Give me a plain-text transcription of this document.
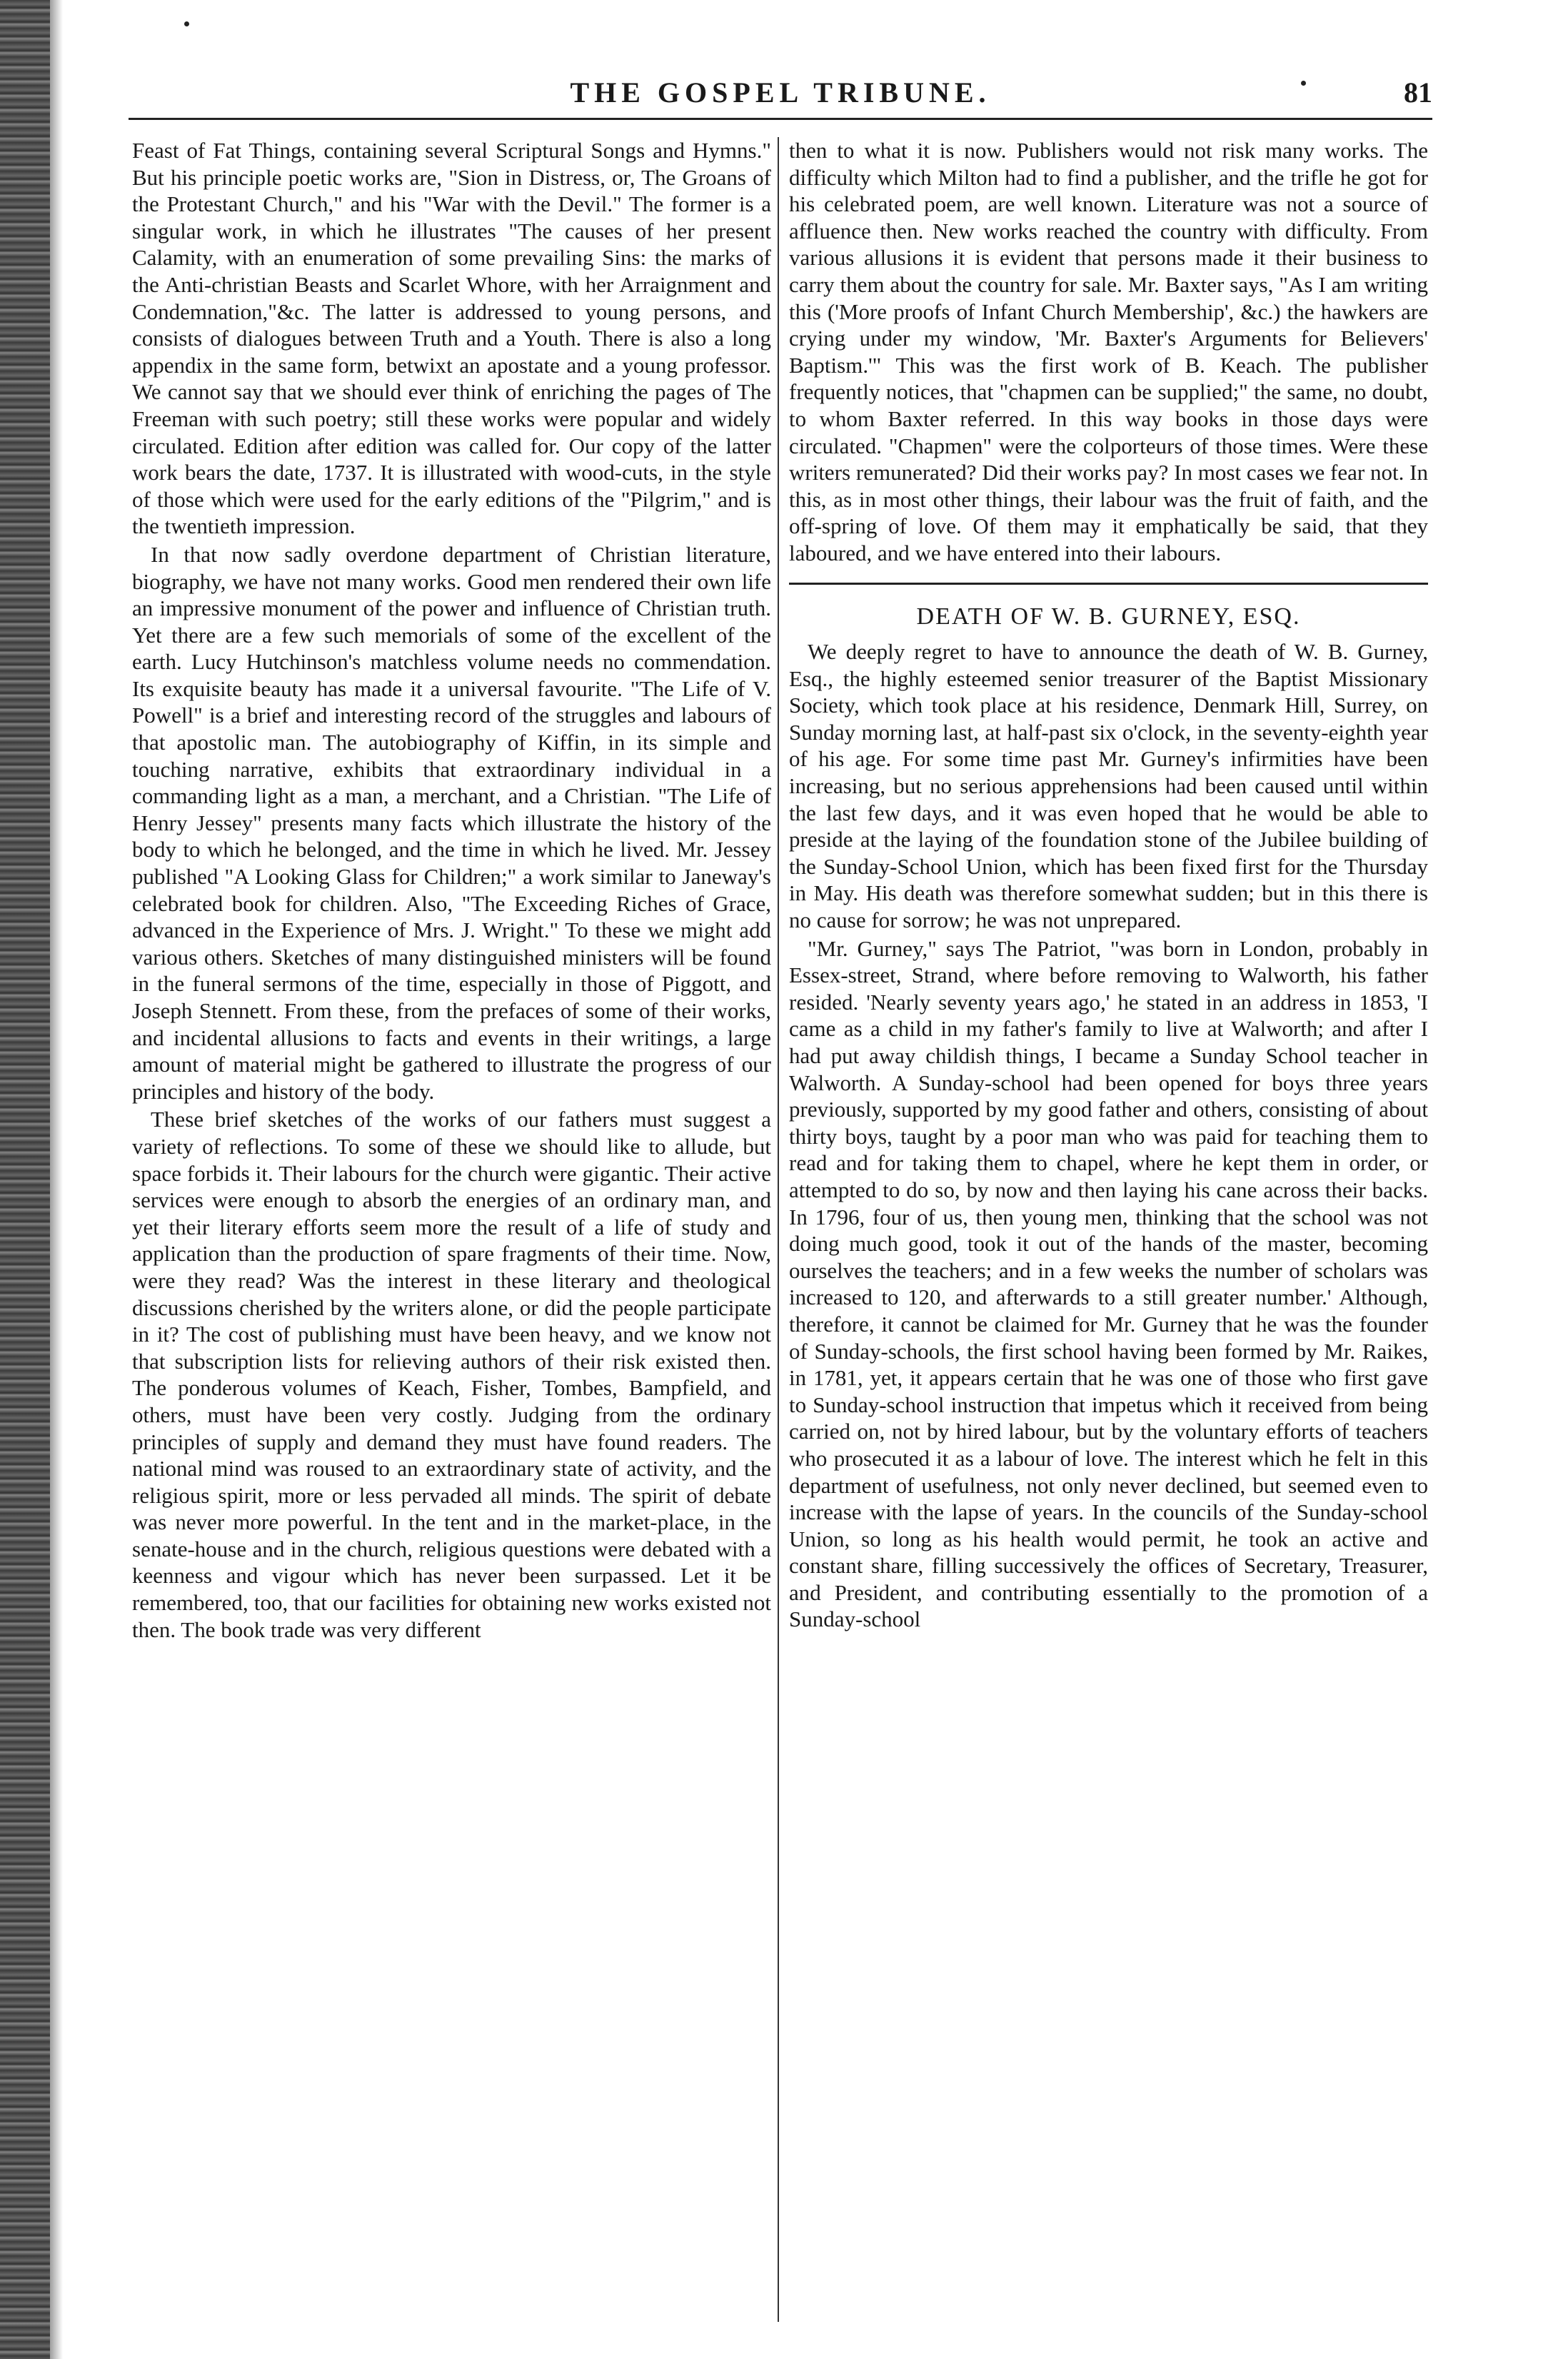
THE GOSPEL TRIBUNE.	81

Feast of Fat Things, containing several Scriptural Songs and Hymns." But his principle poetic works are, "Sion in Distress, or, The Groans of the Protestant Church," and his "War with the Devil." The former is a singular work, in which he illustrates "The causes of her present Calamity, with an enumeration of some prevailing Sins: the marks of the Anti-christian Beasts and Scarlet Whore, with her Arraignment and Condemnation,"&c. The latter is addressed to young persons, and consists of dialogues between Truth and a Youth. There is also a long appendix in the same form, betwixt an apostate and a young professor. We cannot say that we should ever think of enriching the pages of The Freeman with such poetry; still these works were popular and widely circulated. Edition after edition was called for. Our copy of the latter work bears the date, 1737. It is illustrated with wood-cuts, in the style of those which were used for the early editions of the "Pilgrim," and is the twentieth impression.

In that now sadly overdone department of Christian literature, biography, we have not many works. Good men rendered their own life an impressive monument of the power and influence of Christian truth. Yet there are a few such memorials of some of the excellent of the earth. Lucy Hutchinson's matchless volume needs no commendation. Its exquisite beauty has made it a universal favourite. "The Life of V. Powell" is a brief and interesting record of the struggles and labours of that apostolic man. The autobiography of Kiffin, in its simple and touching narrative, exhibits that extraordinary individual in a commanding light as a man, a merchant, and a Christian. "The Life of Henry Jessey" presents many facts which illustrate the history of the body to which he belonged, and the time in which he lived. Mr. Jessey published "A Looking Glass for Children;" a work similar to Janeway's celebrated book for children. Also, "The Exceeding Riches of Grace, advanced in the Experience of Mrs. J. Wright." To these we might add various others. Sketches of many distinguished ministers will be found in the funeral sermons of the time, especially in those of Piggott, and Joseph Stennett. From these, from the prefaces of some of their works, and incidental allusions to facts and events in their writings, a large amount of material might be gathered to illustrate the progress of our principles and history of the body.

These brief sketches of the works of our fathers must suggest a variety of reflections. To some of these we should like to allude, but space forbids it. Their labours for the church were gigantic. Their active services were enough to absorb the energies of an ordinary man, and yet their literary efforts seem more the result of a life of study and application than the production of spare fragments of their time. Now, were they read? Was the interest in these literary and theological discussions cherished by the writers alone, or did the people participate in it? The cost of publishing must have been heavy, and we know not that subscription lists for relieving authors of their risk existed then. The ponderous volumes of Keach, Fisher, Tombes, Bampfield, and others, must have been very costly. Judging from the ordinary principles of supply and demand they must have found readers. The national mind was roused to an extraordinary state of activity, and the religious spirit, more or less pervaded all minds. The spirit of debate was never more powerful. In the tent and in the market-place, in the senate-house and in the church, religious questions were debated with a keenness and vigour which has never been surpassed. Let it be remembered, too, that our facilities for obtaining new works existed not then. The book trade was very different

then to what it is now. Publishers would not risk many works. The difficulty which Milton had to find a publisher, and the trifle he got for his celebrated poem, are well known. Literature was not a source of affluence then. New works reached the country with difficulty. From various allusions it is evident that persons made it their business to carry them about the country for sale. Mr. Baxter says, "As I am writing this ('More proofs of Infant Church Membership', &c.) the hawkers are crying under my window, 'Mr. Baxter's Arguments for Believers' Baptism.'" This was the first work of B. Keach. The publisher frequently notices, that "chapmen can be supplied;" the same, no doubt, to whom Baxter referred. In this way books in those days were circulated. "Chapmen" were the colporteurs of those times. Were these writers remunerated? Did their works pay? In most cases we fear not. In this, as in most other things, their labour was the fruit of faith, and the off-spring of love. Of them may it emphatically be said, that they laboured, and we have entered into their labours.

DEATH OF W. B. GURNEY, ESQ.

We deeply regret to have to announce the death of W. B. Gurney, Esq., the highly esteemed senior treasurer of the Baptist Missionary Society, which took place at his residence, Denmark Hill, Surrey, on Sunday morning last, at half-past six o'clock, in the seventy-eighth year of his age. For some time past Mr. Gurney's infirmities have been increasing, but no serious apprehensions had been caused until within the last few days, and it was even hoped that he would be able to preside at the laying of the foundation stone of the Jubilee building of the Sunday-School Union, which has been fixed first for the Thursday in May. His death was therefore somewhat sudden; but in this there is no cause for sorrow; he was not unprepared.

"Mr. Gurney," says The Patriot, "was born in London, probably in Essex-street, Strand, where before removing to Walworth, his father resided. 'Nearly seventy years ago,' he stated in an address in 1853, 'I came as a child in my father's family to live at Walworth; and after I had put away childish things, I became a Sunday School teacher in Walworth. A Sunday-school had been opened for boys three years previously, supported by my good father and others, consisting of about thirty boys, taught by a poor man who was paid for teaching them to read and for taking them to chapel, where he kept them in order, or attempted to do so, by now and then laying his cane across their backs. In 1796, four of us, then young men, thinking that the school was not doing much good, took it out of the hands of the master, becoming ourselves the teachers; and in a few weeks the number of scholars was increased to 120, and afterwards to a still greater number.' Although, therefore, it cannot be claimed for Mr. Gurney that he was the founder of Sunday-schools, the first school having been formed by Mr. Raikes, in 1781, yet, it appears certain that he was one of those who first gave to Sunday-school instruction that impetus which it received from being carried on, not by hired labour, but by the voluntary efforts of teachers who prosecuted it as a labour of love. The interest which he felt in this department of usefulness, not only never declined, but seemed even to increase with the lapse of years. In the councils of the Sunday-school Union, so long as his health would permit, he took an active and constant share, filling successively the offices of Secretary, Treasurer, and President, and contributing essentially to the promotion of a Sunday-school
